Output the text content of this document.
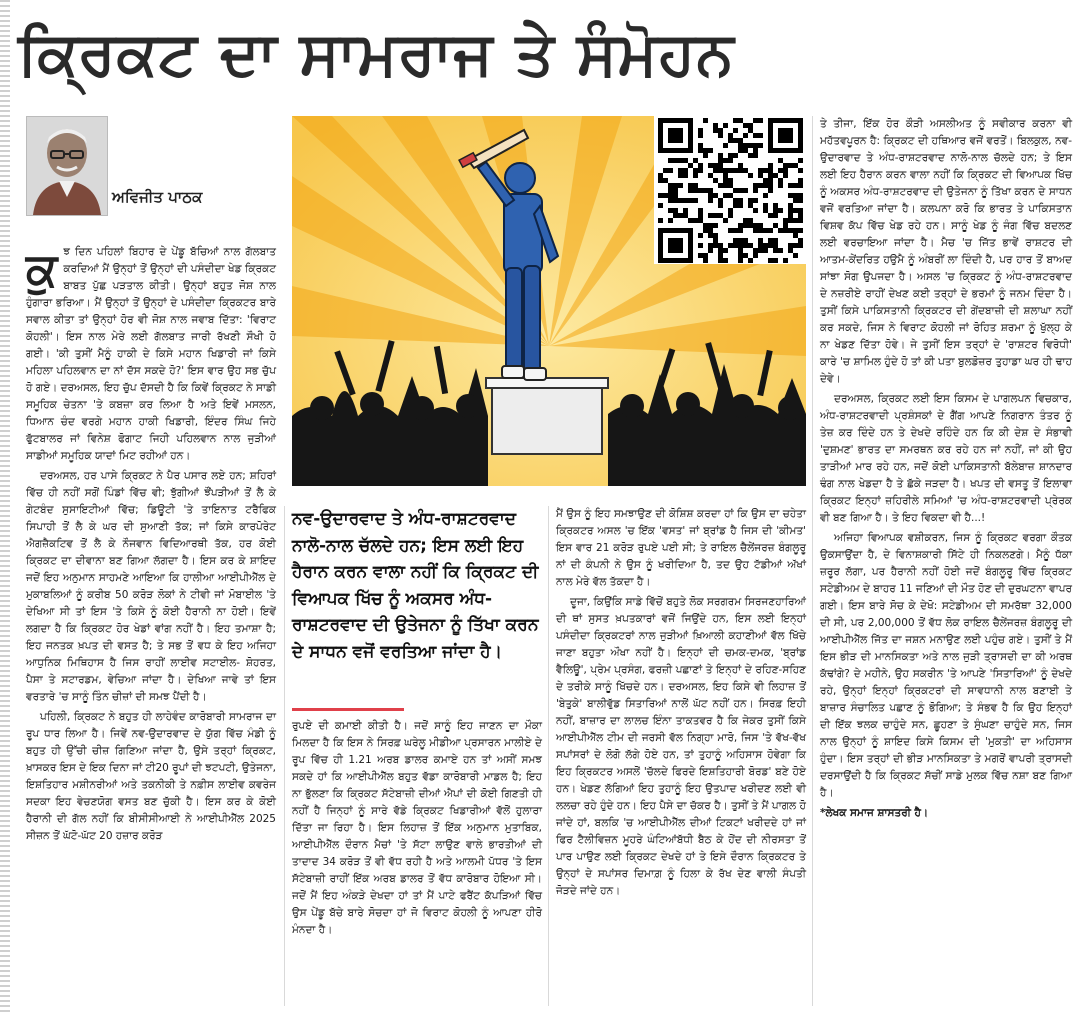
ਕ੍ਰਿਕਟ ਦਾ ਸਾਮਰਾਜ ਤੇ ਸੰਮੋਹਨ
ਅਵਿਜੀਤ ਪਾਠਕ

ਕੁਝ ਦਿਨ ਪਹਿਲਾਂ ਬਿਹਾਰ ਦੇ ਪੇਂਡੂ ਬੱਚਿਆਂ ਨਾਲ ਗੱਲਬਾਤ ਕਰਦਿਆਂ ਮੈਂ ਉਨ੍ਹਾਂ ਤੋਂ ਉਨ੍ਹਾਂ ਦੀ ਪਸੰਦੀਦਾ ਖੇਡ ਕ੍ਰਿਕਟ ਬਾਬਤ ਪੁੱਛ ਪੜਤਾਲ ਕੀਤੀ। ਉਨ੍ਹਾਂ ਬਹੁਤ ਜੋਸ਼ ਨਾਲ ਹੁੰਗਾਰਾ ਭਰਿਆ। ਮੈਂ ਉਨ੍ਹਾਂ ਤੋਂ ਉਨ੍ਹਾਂ ਦੇ ਪਸੰਦੀਦਾ ਕ੍ਰਿਕਟਰ ਬਾਰੇ ਸਵਾਲ ਕੀਤਾ ਤਾਂ ਉਨ੍ਹਾਂ ਹੋਰ ਵੀ ਜੋਸ਼ ਨਾਲ ਜਵਾਬ ਦਿੱਤਾ: 'ਵਿਰਾਟ ਕੋਹਲੀ'। ਇਸ ਨਾਲ ਮੇਰੇ ਲਈ ਗੱਲਬਾਤ ਜਾਰੀ ਰੱਖਣੀ ਸੌਖੀ ਹੋ ਗਈ। 'ਕੀ ਤੁਸੀਂ ਮੈਨੂੰ ਹਾਕੀ ਦੇ ਕਿਸੇ ਮਹਾਨ ਖਿਡਾਰੀ ਜਾਂ ਕਿਸੇ ਮਹਿਲਾ ਪਹਿਲਵਾਨ ਦਾ ਨਾਂ ਦੱਸ ਸਕਦੇ ਹੋ?' ਇਸ ਵਾਰ ਉਹ ਸਭ ਚੁੱਪ ਹੋ ਗਏ। ਦਰਅਸਲ, ਇਹ ਚੁੱਪ ਦੱਸਦੀ ਹੈ ਕਿ ਕਿਵੇਂ ਕ੍ਰਿਕਟ ਨੇ ਸਾਡੀ ਸਮੂਹਿਕ ਚੇਤਨਾ 'ਤੇ ਕਬਜ਼ਾ ਕਰ ਲਿਆ ਹੈ ਅਤੇ ਇਵੇਂ ਮਸਲਨ, ਧਿਆਨ ਚੰਦ ਵਰਗੇ ਮਹਾਨ ਹਾਕੀ ਖਿਡਾਰੀ, ਇੰਦਰ ਸਿੰਘ ਜਿਹੇ ਫੁੱਟਬਾਲਰ ਜਾਂ ਵਿਨੇਸ਼ ਫੋਗਾਟ ਜਿਹੀ ਪਹਿਲਵਾਨ ਨਾਲ ਜੁੜੀਆਂ ਸਾਡੀਆਂ ਸਮੂਹਿਕ ਯਾਦਾਂ ਮਿਟ ਰਹੀਆਂ ਹਨ।

ਦਰਅਸਲ, ਹਰ ਪਾਸੇ ਕ੍ਰਿਕਟ ਨੇ ਪੈਰ ਪਸਾਰ ਲਏ ਹਨ; ਸ਼ਹਿਰਾਂ ਵਿੱਚ ਹੀ ਨਹੀਂ ਸਗੋਂ ਪਿੰਡਾਂ ਵਿੱਚ ਵੀ; ਝੁੱਗੀਆਂ ਝੌਂਪੜੀਆਂ ਤੋਂ ਲੈ ਕੇ ਗੇਟਬੰਦ ਸੁਸਾਇਟੀਆਂ ਵਿੱਚ; ਡਿਊਟੀ 'ਤੇ ਤਾਇਨਾਤ ਟਰੈਫਿਕ ਸਿਪਾਹੀ ਤੋਂ ਲੈ ਕੇ ਘਰ ਦੀ ਸੁਆਣੀ ਤੱਕ; ਜਾਂ ਕਿਸੇ ਕਾਰਪੋਰੇਟ ਐਗਜ਼ੈਕਟਿਵ ਤੋਂ ਲੈ ਕੇ ਨੌਜਵਾਨ ਵਿਦਿਆਰਥੀ ਤੱਕ, ਹਰ ਕੋਈ ਕ੍ਰਿਕਟ ਦਾ ਦੀਵਾਨਾ ਬਣ ਗਿਆ ਲੱਗਦਾ ਹੈ। ਇਸ ਕਰ ਕੇ ਸ਼ਾਇਦ ਜਦੋਂ ਇਹ ਅਨੁਮਾਨ ਸਾਹਮਣੇ ਆਇਆ ਕਿ ਹਾਲੀਆ ਆਈਪੀਐੱਲ ਦੇ ਮੁਕਾਬਲਿਆਂ ਨੂੰ ਕਰੀਬ 50 ਕਰੋੜ ਲੋਕਾਂ ਨੇ ਟੀਵੀ ਜਾਂ ਮੋਬਾਈਲ 'ਤੇ ਦੇਖਿਆ ਸੀ ਤਾਂ ਇਸ 'ਤੇ ਕਿਸੇ ਨੂੰ ਕੋਈ ਹੈਰਾਨੀ ਨਾ ਹੋਈ। ਇਵੇਂ ਲਗਦਾ ਹੈ ਕਿ ਕ੍ਰਿਕਟ ਹੋਰ ਖੇਡਾਂ ਵਾਂਗ ਨਹੀਂ ਹੈ। ਇਹ ਤਮਾਸ਼ਾ ਹੈ; ਇਹ ਜਨਤਕ ਖ਼ਪਤ ਦੀ ਵਸਤ ਹੈ; ਤੇ ਸਭ ਤੋਂ ਵਧ ਕੇ ਇਹ ਅਜਿਹਾ ਆਧੁਨਿਕ ਮਿਥਿਹਾਸ ਹੈ ਜਿਸ ਰਾਹੀਂ ਲਾਈਵ ਸਟਾਈਲ- ਸ਼ੋਹਰਤ, ਪੈਸਾ ਤੇ ਸਟਾਰਡਮ, ਵੇਚਿਆ ਜਾਂਦਾ ਹੈ। ਦੇਖਿਆ ਜਾਵੇ ਤਾਂ ਇਸ ਵਰਤਾਰੇ 'ਚ ਸਾਨੂੰ ਤਿੰਨ ਚੀਜ਼ਾਂ ਦੀ ਸਮਝ ਪੈਂਦੀ ਹੈ।

ਪਹਿਲੀ, ਕ੍ਰਿਕਟ ਨੇ ਬਹੁਤ ਹੀ ਲਾਹੇਵੰਦ ਕਾਰੋਬਾਰੀ ਸਾਮਰਾਜ ਦਾ ਰੂਪ ਧਾਰ ਲਿਆ ਹੈ। ਜਿਵੇਂ ਨਵ-ਉਦਾਰਵਾਦ ਦੇ ਯੁੱਗ ਵਿੱਚ ਮੰਡੀ ਨੂੰ ਬਹੁਤ ਹੀ ਉੱਚੀ ਚੀਜ਼ ਗਿਣਿਆ ਜਾਂਦਾ ਹੈ, ਉਸੇ ਤਰ੍ਹਾਂ ਕ੍ਰਿਕਟ, ਖ਼ਾਸਕਰ ਇਸ ਦੇ ਇਕ ਦਿਨਾ ਜਾਂ ਟੀ20 ਰੂਪਾਂ ਦੀ ਝਟਪਟੀ, ਉਤੇਜਨਾ, ਇਸ਼ਤਿਹਾਰ ਮਸ਼ੀਨਰੀਆਂ ਅਤੇ ਤਕਨੀਕੀ ਤੇ ਨਫ਼ੀਸ ਲਾਈਵ ਕਵਰੇਜ ਸਦਕਾ ਇਹ ਵੇਚਣਯੋਗ ਵਸਤ ਬਣ ਚੁੱਕੀ ਹੈ। ਇਸ ਕਰ ਕੇ ਕੋਈ ਹੈਰਾਨੀ ਦੀ ਗੱਲ ਨਹੀਂ ਕਿ ਬੀਸੀਸੀਆਈ ਨੇ ਆਈਪੀਐੱਲ 2025 ਸੀਜ਼ਨ ਤੋਂ ਘੱਟੋ-ਘੱਟ 20 ਹਜ਼ਾਰ ਕਰੋੜ

ਨਵ-ਉਦਾਰਵਾਦ ਤੇ ਅੰਧ-ਰਾਸ਼ਟਰਵਾਦ ਨਾਲੋ-ਨਾਲ ਚੱਲਦੇ ਹਨ; ਇਸ ਲਈ ਇਹ ਹੈਰਾਨ ਕਰਨ ਵਾਲਾ ਨਹੀਂ ਕਿ ਕ੍ਰਿਕਟ ਦੀ ਵਿਆਪਕ ਖਿੱਚ ਨੂੰ ਅਕਸਰ ਅੰਧ-ਰਾਸ਼ਟਰਵਾਦ ਦੀ ਉਤੇਜਨਾ ਨੂੰ ਤਿੱਖਾ ਕਰਨ ਦੇ ਸਾਧਨ ਵਜੋਂ ਵਰਤਿਆ ਜਾਂਦਾ ਹੈ।

ਰੁਪਏ ਦੀ ਕਮਾਈ ਕੀਤੀ ਹੈ। ਜਦੋਂ ਸਾਨੂੰ ਇਹ ਜਾਣਨ ਦਾ ਮੌਕਾ ਮਿਲਦਾ ਹੈ ਕਿ ਇਸ ਨੇ ਸਿਰਫ਼ ਘਰੇਲੂ ਮੀਡੀਆ ਪ੍ਰਸਾਰਨ ਮਾਲੀਏ ਦੇ ਰੂਪ ਵਿੱਚ ਹੀ 1.21 ਅਰਬ ਡਾਲਰ ਕਮਾਏ ਹਨ ਤਾਂ ਅਸੀਂ ਸਮਝ ਸਕਦੇ ਹਾਂ ਕਿ ਆਈਪੀਐੱਲ ਬਹੁਤ ਵੱਡਾ ਕਾਰੋਬਾਰੀ ਮਾਡਲ ਹੈ; ਇਹ ਨਾ ਭੁੱਲਣਾ ਕਿ ਕ੍ਰਿਕਟ ਸੱਟੇਬਾਜ਼ੀ ਦੀਆਂ ਐਪਾਂ ਦੀ ਕੋਈ ਗਿਣਤੀ ਹੀ ਨਹੀਂ ਹੈ ਜਿਨ੍ਹਾਂ ਨੂੰ ਸਾਰੇ ਵੱਡੇ ਕ੍ਰਿਕਟ ਖਿਡਾਰੀਆਂ ਵੱਲੋਂ ਹੁਲਾਰਾ ਦਿੱਤਾ ਜਾ ਰਿਹਾ ਹੈ। ਇਸ ਲਿਹਾਜ਼ ਤੋਂ ਇੱਕ ਅਨੁਮਾਨ ਮੁਤਾਬਿਕ, ਆਈਪੀਐੱਲ ਦੌਰਾਨ ਮੈਚਾਂ 'ਤੇ ਸੱਟਾ ਲਾਉਣ ਵਾਲੇ ਭਾਰਤੀਆਂ ਦੀ ਤਾਦਾਦ 34 ਕਰੋੜ ਤੋਂ ਵੀ ਵੱਧ ਰਹੀ ਹੈ ਅਤੇ ਆਲਮੀ ਪੱਧਰ 'ਤੇ ਇਸ ਸੱਟੇਬਾਜ਼ੀ ਰਾਹੀਂ ਇੱਕ ਅਰਬ ਡਾਲਰ ਤੋਂ ਵੱਧ ਕਾਰੋਬਾਰ ਹੋਇਆ ਸੀ। ਜਦੋਂ ਮੈਂ ਇਹ ਅੰਕੜੇ ਦੇਖਦਾ ਹਾਂ ਤਾਂ ਮੈਂ ਪਾਟੇ ਫਰੈਂਟ ਕੱਪੜਿਆਂ ਵਿੱਚ ਉਸ ਪੇਂਡੂ ਬੱਚੇ ਬਾਰੇ ਸੋਚਦਾ ਹਾਂ ਜੋ ਵਿਰਾਟ ਕੋਹਲੀ ਨੂੰ ਆਪਣਾ ਹੀਰੋ ਮੰਨਦਾ ਹੈ।

ਮੈਂ ਉਸ ਨੂੰ ਇਹ ਸਮਝਾਉਣ ਦੀ ਕੋਸ਼ਿਸ਼ ਕਰਦਾ ਹਾਂ ਕਿ ਉਸ ਦਾ ਚਹੇਤਾ ਕ੍ਰਿਕਟਰ ਅਸਲ 'ਚ ਇੱਕ 'ਵਸਤ' ਜਾਂ ਬ੍ਰਾਂਡ ਹੈ ਜਿਸ ਦੀ 'ਕੀਮਤ' ਇਸ ਵਾਰ 21 ਕਰੋੜ ਰੁਪਏ ਪਈ ਸੀ; ਤੇ ਰਾਇਲ ਚੈਲੇਂਜਰਜ਼ ਬੰਗਲੂਰੂ ਨਾਂ ਦੀ ਕੰਪਨੀ ਨੇ ਉਸ ਨੂੰ ਖਰੀਦਿਆ ਹੈ, ਤਦ ਉਹ ਟੱਡੀਆਂ ਅੱਖਾਂ ਨਾਲ ਮੇਰੇ ਵੱਲ ਤੱਕਦਾ ਹੈ।

ਦੂਜਾ, ਕਿਉਂਕਿ ਸਾਡੇ ਵਿੱਚੋਂ ਬਹੁਤੇ ਲੋਕ ਸਰਗਰਮ ਸਿਰਜਣਹਾਰਿਆਂ ਦੀ ਥਾਂ ਸੁਸਤ ਖ਼ਪਤਕਾਰਾਂ ਵਜੋਂ ਜਿਉਂਦੇ ਹਨ, ਇਸ ਲਈ ਇਨ੍ਹਾਂ ਪਸੰਦੀਦਾ ਕ੍ਰਿਕਟਰਾਂ ਨਾਲ ਜੁੜੀਆਂ ਖ਼ਿਆਲੀ ਕਹਾਣੀਆਂ ਵੱਲ ਖਿੱਚੇ ਜਾਣਾ ਬਹੁਤਾ ਔਖਾ ਨਹੀਂ ਹੈ। ਇਨ੍ਹਾਂ ਦੀ ਚਮਕ-ਦਮਕ, 'ਬ੍ਰਾਂਡ ਵੈਲਿਊ', ਪ੍ਰੇਮ ਪ੍ਰਸੰਗ, ਫਰਜ਼ੀ ਪਛਾਣਾਂ ਤੇ ਇਨ੍ਹਾਂ ਦੇ ਰਹਿਣ-ਸਹਿਣ ਦੇ ਤਰੀਕੇ ਸਾਨੂੰ ਖਿੱਚਦੇ ਹਨ। ਦਰਅਸਲ, ਇਹ ਕਿਸੇ ਵੀ ਲਿਹਾਜ਼ ਤੋਂ 'ਬੇਤੁਕੇ' ਬਾਲੀਵੁੱਡ ਸਿਤਾਰਿਆਂ ਨਾਲੋਂ ਘੱਟ ਨਹੀਂ ਹਨ। ਸਿਰਫ਼ ਇਹੀ ਨਹੀਂ, ਬਾਜ਼ਾਰ ਦਾ ਲਾਲਚ ਇੰਨਾ ਤਾਕਤਵਰ ਹੈ ਕਿ ਜੇਕਰ ਤੁਸੀਂ ਕਿਸੇ ਆਈਪੀਐੱਲ ਟੀਮ ਦੀ ਜਰਸੀ ਵੱਲ ਨਿਗ੍ਹਾ ਮਾਰੋ, ਜਿਸ 'ਤੇ ਵੱਖ-ਵੱਖ ਸਪਾਂਸਰਾਂ ਦੇ ਲੋਗੋ ਲੱਗੇ ਹੋਏ ਹਨ, ਤਾਂ ਤੁਹਾਨੂੰ ਅਹਿਸਾਸ ਹੋਵੇਗਾ ਕਿ ਇਹ ਕ੍ਰਿਕਟਰ ਅਸਲੋਂ 'ਚੱਲਦੇ ਫਿਰਦੇ ਇਸ਼ਤਿਹਾਰੀ ਬੋਰਡ' ਬਣੇ ਹੋਏ ਹਨ। ਖੇਡਣ ਲੱਗਿਆਂ ਇਹ ਤੁਹਾਨੂੰ ਇਹ ਉਤਪਾਦ ਖਰੀਦਣ ਲਈ ਵੀ ਲਲਚਾ ਰਹੇ ਹੁੰਦੇ ਹਨ। ਇਹ ਪੈਸੇ ਦਾ ਚੱਕਰ ਹੈ। ਤੁਸੀਂ ਤੇ ਮੈਂ ਪਾਗਲ ਹੋ ਜਾਂਦੇ ਹਾਂ, ਬਲਕਿ 'ਚ ਆਈਪੀਐੱਲ ਦੀਆਂ ਟਿਕਟਾਂ ਖਰੀਦਦੇ ਹਾਂ ਜਾਂ ਫਿਰ ਟੈਲੀਵਿਜ਼ਨ ਮੂਹਰੇ ਘੰਟਿਆਂਬੱਧੀ ਬੈਠ ਕੇ ਹੋਂਦ ਦੀ ਨੀਰਸਤਾ ਤੋਂ ਪਾਰ ਪਾਉਣ ਲਈ ਕ੍ਰਿਕਟ ਦੇਖਦੇ ਹਾਂ ਤੇ ਇਸੇ ਦੌਰਾਨ ਕ੍ਰਿਕਟਰ ਤੇ ਉਨ੍ਹਾਂ ਦੇ ਸਪਾਂਸਰ ਦਿਮਾਗ਼ ਨੂੰ ਹਿਲਾ ਕੇ ਰੱਖ ਦੇਣ ਵਾਲੀ ਸੰਪਤੀ ਜੋੜਦੇ ਜਾਂਦੇ ਹਨ।

ਤੇ ਤੀਜਾ, ਇੱਕ ਹੋਰ ਕੌੜੀ ਅਸਲੀਅਤ ਨੂੰ ਸਵੀਕਾਰ ਕਰਨਾ ਵੀ ਮਹੱਤਵਪੂਰਨ ਹੈ: ਕ੍ਰਿਕਟ ਦੀ ਹਥਿਆਰ ਵਜੋਂ ਵਰਤੋਂ। ਬਿਲਕੁਲ, ਨਵ-ਉਦਾਰਵਾਦ ਤੇ ਅੰਧ-ਰਾਸ਼ਟਰਵਾਦ ਨਾਲੋ-ਨਾਲ ਚੱਲਦੇ ਹਨ; ਤੇ ਇਸ ਲਈ ਇਹ ਹੈਰਾਨ ਕਰਨ ਵਾਲਾ ਨਹੀਂ ਕਿ ਕ੍ਰਿਕਟ ਦੀ ਵਿਆਪਕ ਖਿੱਚ ਨੂੰ ਅਕਸਰ ਅੰਧ-ਰਾਸ਼ਟਰਵਾਦ ਦੀ ਉਤੇਜਨਾ ਨੂੰ ਤਿੱਖਾ ਕਰਨ ਦੇ ਸਾਧਨ ਵਜੋਂ ਵਰਤਿਆ ਜਾਂਦਾ ਹੈ। ਕਲਪਨਾ ਕਰੋ ਕਿ ਭਾਰਤ ਤੇ ਪਾਕਿਸਤਾਨ ਵਿਸ਼ਵ ਕੱਪ ਵਿੱਚ ਖੇਡ ਰਹੇ ਹਨ। ਸਾਨੂੰ ਖੇਡ ਨੂੰ ਜੰਗ ਵਿੱਚ ਬਦਲਣ ਲਈ ਵਰਚਾਇਆ ਜਾਂਦਾ ਹੈ। ਮੈਚ 'ਚ ਜਿੱਤ ਭਾਵੇਂ ਰਾਸ਼ਟਰ ਦੀ ਆਤਮ-ਕੇਂਦਰਿਤ ਹਉਮੈ ਨੂੰ ਅੰਬਰੀਂ ਲਾ ਦਿੰਦੀ ਹੈ, ਪਰ ਹਾਰ ਤੋਂ ਬਾਅਦ ਸਾਂਝਾ ਸੋਗ ਉਪਜਦਾ ਹੈ। ਅਸਲ 'ਚ ਕ੍ਰਿਕਟ ਨੂੰ ਅੰਧ-ਰਾਸ਼ਟਰਵਾਦ ਦੇ ਨਜ਼ਰੀਏ ਰਾਹੀਂ ਦੇਖਣ ਕਈ ਤਰ੍ਹਾਂ ਦੇ ਭਰਮਾਂ ਨੂੰ ਜਨਮ ਦਿੰਦਾ ਹੈ। ਤੁਸੀਂ ਕਿਸੇ ਪਾਕਿਸਤਾਨੀ ਕ੍ਰਿਕਟਰ ਦੀ ਗੇਂਦਬਾਜ਼ੀ ਦੀ ਸ਼ਲਾਘਾ ਨਹੀਂ ਕਰ ਸਕਦੇ, ਜਿਸ ਨੇ ਵਿਰਾਟ ਕੋਹਲੀ ਜਾਂ ਰੋਹਿਤ ਸ਼ਰਮਾ ਨੂੰ ਖੁੱਲ੍ਹ ਕੇ ਨਾ ਖੇਡਣ ਦਿੱਤਾ ਹੋਵੇ। ਜੇ ਤੁਸੀਂ ਇਸ ਤਰ੍ਹਾਂ ਦੇ 'ਰਾਸ਼ਟਰ ਵਿਰੋਧੀ' ਕਾਰੇ 'ਚ ਸ਼ਾਮਿਲ ਹੁੰਦੇ ਹੋ ਤਾਂ ਕੀ ਪਤਾ ਬੁਲਡੋਜ਼ਰ ਤੁਹਾਡਾ ਘਰ ਹੀ ਢਾਹ ਦੇਵੇ।

ਦਰਅਸਲ, ਕ੍ਰਿਕਟ ਲਈ ਇਸ ਕਿਸਮ ਦੇ ਪਾਗਲਪਨ ਵਿਚਕਾਰ, ਅੰਧ-ਰਾਸ਼ਟਰਵਾਦੀ ਪ੍ਰਸ਼ੰਸਕਾਂ ਦੇ ਗੈਂਗ ਆਪਣੇ ਨਿਗਰਾਨ ਤੰਤਰ ਨੂੰ ਤੇਜ਼ ਕਰ ਦਿੰਦੇ ਹਨ ਤੇ ਦੇਖਦੇ ਰਹਿੰਦੇ ਹਨ ਕਿ ਕੀ ਦੇਸ਼ ਦੇ ਸੰਭਾਵੀ 'ਦੁਸ਼ਮਣ' ਭਾਰਤ ਦਾ ਸਮਰਥਨ ਕਰ ਰਹੇ ਹਨ ਜਾਂ ਨਹੀਂ, ਜਾਂ ਕੀ ਉਹ ਤਾੜੀਆਂ ਮਾਰ ਰਹੇ ਹਨ, ਜਦੋਂ ਕੋਈ ਪਾਕਿਸਤਾਨੀ ਬੱਲੇਬਾਜ਼ ਸ਼ਾਨਦਾਰ ਢੰਗ ਨਾਲ ਖੇਡਦਾ ਹੈ ਤੇ ਛੱਕੇ ਜੜਦਾ ਹੈ। ਖਪਤ ਦੀ ਵਸਤੂ ਤੋਂ ਇਲਾਵਾ ਕ੍ਰਿਕਟ ਇਨ੍ਹਾਂ ਜ਼ਹਿਰੀਲੇ ਸਮਿਆਂ 'ਚ ਅੰਧ-ਰਾਸ਼ਟਰਵਾਦੀ ਪ੍ਰੇਰਕ ਵੀ ਬਣ ਗਿਆ ਹੈ। ਤੇ ਇਹ ਵਿਕਦਾ ਵੀ ਹੈ...!

ਅਜਿਹਾ ਵਿਆਪਕ ਵਸ਼ੀਕਰਨ, ਜਿਸ ਨੂੰ ਕ੍ਰਿਕਟ ਵਰਗਾ ਕੌਤਕ ਉਕਸਾਉਂਦਾ ਹੈ, ਦੇ ਵਿਨਾਸ਼ਕਾਰੀ ਸਿੱਟੇ ਹੀ ਨਿਕਲਣਗੇ। ਮੈਨੂੰ ਧੱਕਾ ਜ਼ਰੂਰ ਲੱਗਾ, ਪਰ ਹੈਰਾਨੀ ਨਹੀਂ ਹੋਈ ਜਦੋਂ ਬੰਗਲੂਰੂ ਵਿੱਚ ਕ੍ਰਿਕਟ ਸਟੇਡੀਅਮ ਦੇ ਬਾਹਰ 11 ਜਣਿਆਂ ਦੀ ਮੌਤ ਹੋਣ ਦੀ ਦੁਰਘਟਨਾ ਵਾਪਰ ਗਈ। ਇਸ ਬਾਰੇ ਸੋਚ ਕੇ ਦੇਖੋ: ਸਟੇਡੀਅਮ ਦੀ ਸਮਰੱਥਾ 32,000 ਦੀ ਸੀ, ਪਰ 2,00,000 ਤੋਂ ਵੱਧ ਲੋਕ ਰਾਇਲ ਚੈਲੇਂਜਰਜ਼ ਬੰਗਲੂਰੂ ਦੀ ਆਈਪੀਐੱਲ ਜਿੱਤ ਦਾ ਜਸ਼ਨ ਮਨਾਉਣ ਲਈ ਪਹੁੰਚ ਗਏ। ਤੁਸੀਂ ਤੇ ਮੈਂ ਇਸ ਭੀੜ ਦੀ ਮਾਨਸਿਕਤਾ ਅਤੇ ਨਾਲ ਜੁੜੀ ਤ੍ਰਾਸਦੀ ਦਾ ਕੀ ਅਰਥ ਕੱਢਾਂਗੇ? ਦੇ ਮਹੀਨੇ, ਉਹ ਸਕਰੀਨ 'ਤੇ ਆਪਣੇ 'ਸਿਤਾਰਿਆਂ' ਨੂੰ ਦੇਖਦੇ ਰਹੇ, ਉਨ੍ਹਾਂ ਇਨ੍ਹਾਂ ਕ੍ਰਿਕਟਰਾਂ ਦੀ ਸਾਵਧਾਨੀ ਨਾਲ ਬਣਾਈ ਤੇ ਬਾਜ਼ਾਰ ਸੰਚਾਲਿਤ ਪਛਾਣ ਨੂੰ ਭੋਗਿਆ; ਤੇ ਸੰਭਵ ਹੈ ਕਿ ਉਹ ਇਨ੍ਹਾਂ ਦੀ ਇੱਕ ਝਲਕ ਚਾਹੁੰਦੇ ਸਨ, ਛੂਹਣਾ ਤੇ ਸੁੰਘਣਾ ਚਾਹੁੰਦੇ ਸਨ, ਜਿਸ ਨਾਲ ਉਨ੍ਹਾਂ ਨੂੰ ਸ਼ਾਇਦ ਕਿਸੇ ਕਿਸਮ ਦੀ 'ਮੁਕਤੀ' ਦਾ ਅਹਿਸਾਸ ਹੁੰਦਾ। ਇਸ ਤਰ੍ਹਾਂ ਦੀ ਭੀੜ ਮਾਨਸਿਕਤਾ ਤੇ ਮਗਰੋਂ ਵਾਪਰੀ ਤ੍ਰਾਸਦੀ ਦਰਸਾਉਂਦੀ ਹੈ ਕਿ ਕ੍ਰਿਕਟ ਸੱਚੀਂ ਸਾਡੇ ਮੁਲਕ ਵਿੱਚ ਨਸ਼ਾ ਬਣ ਗਿਆ ਹੈ।

*ਲੇਖਕ ਸਮਾਜ ਸ਼ਾਸਤਰੀ ਹੈ।
